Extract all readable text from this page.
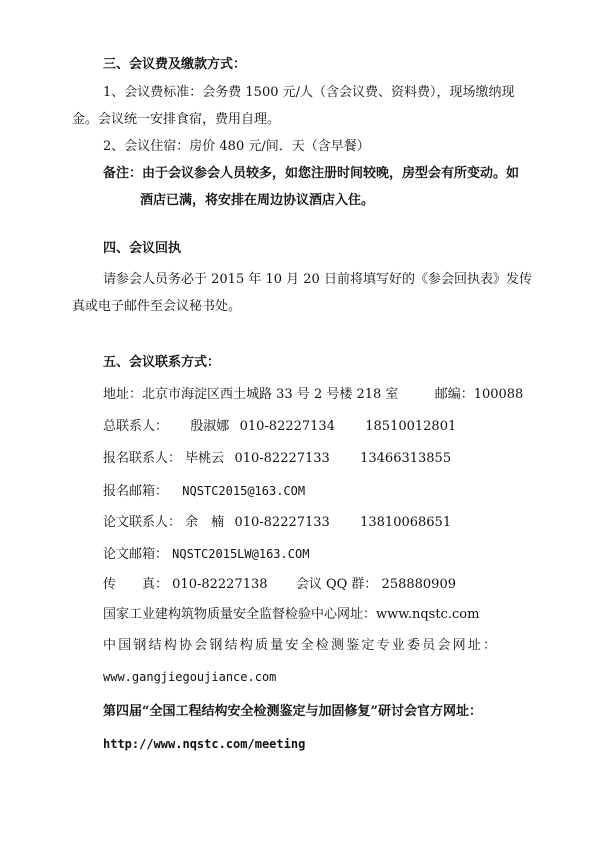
三、会议费及缴款方式：
1、会议费标准：会务费 1500 元/人（含会议费、资料费），现场缴纳现
金。会议统一安排食宿，费用自理。
2、会议住宿：房价 480 元/间．天（含早餐）
备注：由于会议参会人员较多，如您注册时间较晚，房型会有所变动。如
酒店已满，将安排在周边协议酒店入住。
四、会议回执
请参会人员务必于 2015 年 10 月 20 日前将填写好的《参会回执表》发传
真或电子邮件至会议秘书处。
五、会议联系方式：
地址：北京市海淀区西土城路 33 号 2 号楼 218 室	邮编：100088
总联系人： 殷淑娜 010-82227134 18510012801
报名联系人： 毕桃云 010-82227133 13466313855
报名邮箱： NQSTC2015@163.COM
论文联系人： 余　楠 010-82227133 13810068651
论文邮箱： NQSTC2015LW@163.COM
传　　真： 010-82227138 会议 QQ 群： 258880909
国家工业建构筑物质量安全监督检验中心网址：www.nqstc.com
中国钢结构协会钢结构质量安全检测鉴定专业委员会网址：
www.gangjiegoujiance.com
第四届“全国工程结构安全检测鉴定与加固修复”研讨会官方网址：
http://www.nqstc.com/meeting
